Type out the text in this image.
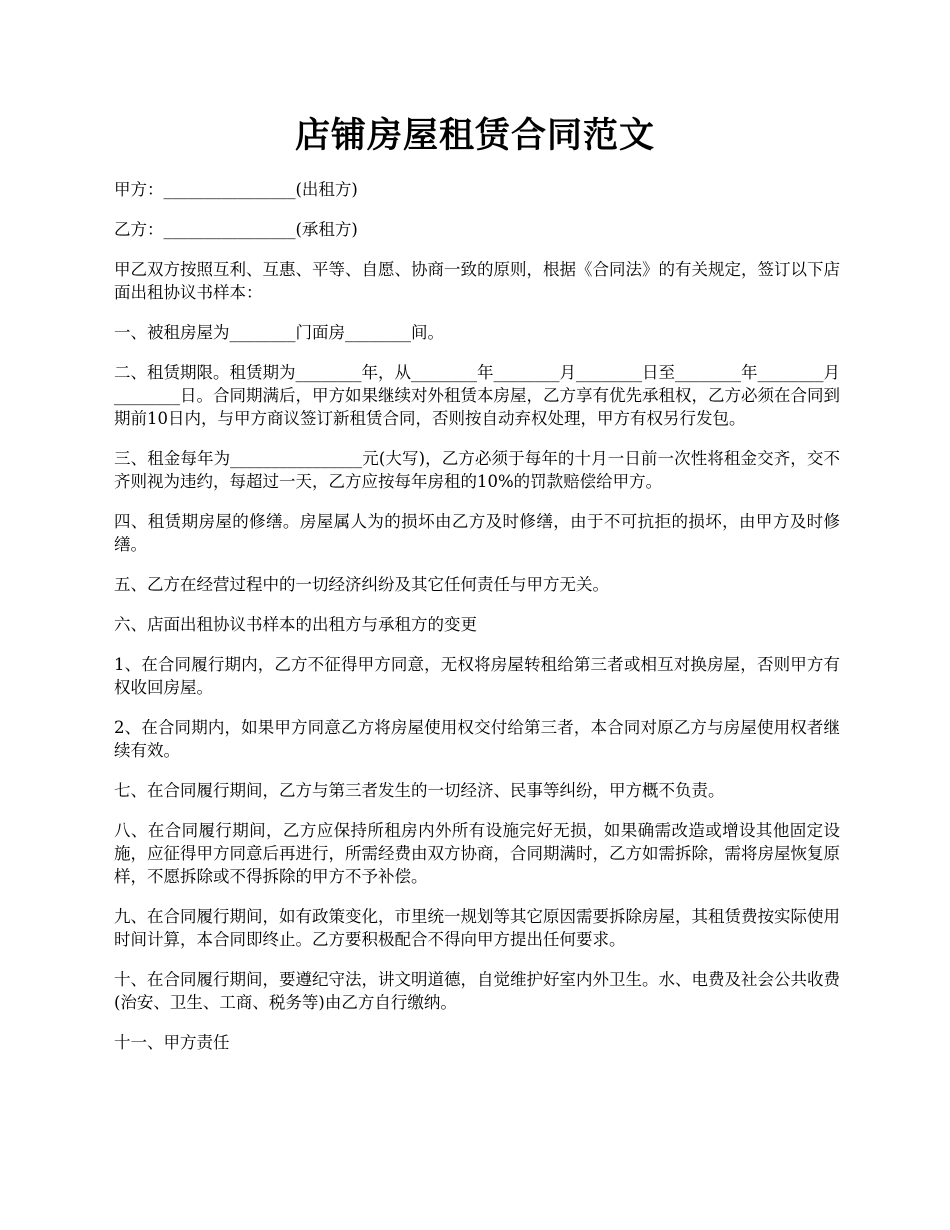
店铺房屋租赁合同范文

甲方：________________(出租方)

乙方：________________(承租方)

甲乙双方按照互利、互惠、平等、自愿、协商一致的原则，根据《合同法》的有关规定，签订以下店面出租协议书样本：

一、被租房屋为________门面房________间。

二、租赁期限。租赁期为________年，从________年________月________日至________年________月________日。合同期满后，甲方如果继续对外租赁本房屋，乙方享有优先承租权，乙方必须在合同到期前10日内，与甲方商议签订新租赁合同，否则按自动弃权处理，甲方有权另行发包。

三、租金每年为________________元(大写)，乙方必须于每年的十月一日前一次性将租金交齐，交不齐则视为违约，每超过一天，乙方应按每年房租的10%的罚款赔偿给甲方。

四、租赁期房屋的修缮。房屋属人为的损坏由乙方及时修缮，由于不可抗拒的损坏，由甲方及时修缮。

五、乙方在经营过程中的一切经济纠纷及其它任何责任与甲方无关。

六、店面出租协议书样本的出租方与承租方的变更

1、在合同履行期内，乙方不征得甲方同意，无权将房屋转租给第三者或相互对换房屋，否则甲方有权收回房屋。

2、在合同期内，如果甲方同意乙方将房屋使用权交付给第三者，本合同对原乙方与房屋使用权者继续有效。

七、在合同履行期间，乙方与第三者发生的一切经济、民事等纠纷，甲方概不负责。

八、在合同履行期间，乙方应保持所租房内外所有设施完好无损，如果确需改造或增设其他固定设施，应征得甲方同意后再进行，所需经费由双方协商，合同期满时，乙方如需拆除，需将房屋恢复原样，不愿拆除或不得拆除的甲方不予补偿。

九、在合同履行期间，如有政策变化，市里统一规划等其它原因需要拆除房屋，其租赁费按实际使用时间计算，本合同即终止。乙方要积极配合不得向甲方提出任何要求。

十、在合同履行期间，要遵纪守法，讲文明道德，自觉维护好室内外卫生。水、电费及社会公共收费(治安、卫生、工商、税务等)由乙方自行缴纳。

十一、甲方责任
